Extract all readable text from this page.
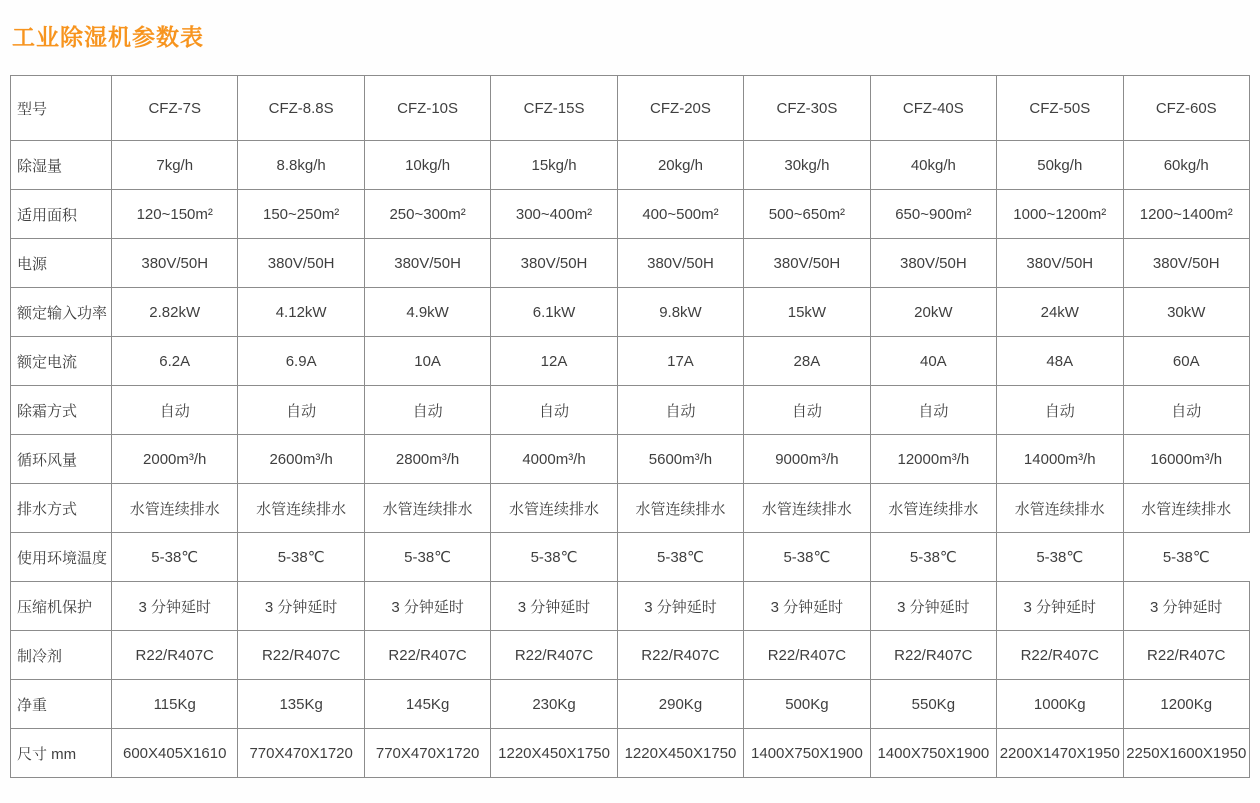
工业除湿机参数表
型号	CFZ-7S	CFZ-8.8S	CFZ-10S	CFZ-15S	CFZ-20S	CFZ-30S	CFZ-40S	CFZ-50S	CFZ-60S
除湿量	7kg/h	8.8kg/h	10kg/h	15kg/h	20kg/h	30kg/h	40kg/h	50kg/h	60kg/h
适用面积	120~150m²	150~250m²	250~300m²	300~400m²	400~500m²	500~650m²	650~900m²	1000~1200m²	1200~1400m²
电源	380V/50H	380V/50H	380V/50H	380V/50H	380V/50H	380V/50H	380V/50H	380V/50H	380V/50H
额定输入功率	2.82kW	4.12kW	4.9kW	6.1kW	9.8kW	15kW	20kW	24kW	30kW
额定电流	6.2A	6.9A	10A	12A	17A	28A	40A	48A	60A
除霜方式	自动	自动	自动	自动	自动	自动	自动	自动	自动
循环风量	2000m³/h	2600m³/h	2800m³/h	4000m³/h	5600m³/h	9000m³/h	12000m³/h	14000m³/h	16000m³/h
排水方式	水管连续排水	水管连续排水	水管连续排水	水管连续排水	水管连续排水	水管连续排水	水管连续排水	水管连续排水	水管连续排水
使用环境温度	5-38℃	5-38℃	5-38℃	5-38℃	5-38℃	5-38℃	5-38℃	5-38℃	5-38℃
压缩机保护	3 分钟延时	3 分钟延时	3 分钟延时	3 分钟延时	3 分钟延时	3 分钟延时	3 分钟延时	3 分钟延时	3 分钟延时
制冷剂	R22/R407C	R22/R407C	R22/R407C	R22/R407C	R22/R407C	R22/R407C	R22/R407C	R22/R407C	R22/R407C
净重	115Kg	135Kg	145Kg	230Kg	290Kg	500Kg	550Kg	1000Kg	1200Kg
尺寸 mm	600X405X1610	770X470X1720	770X470X1720	1220X450X1750	1220X450X1750	1400X750X1900	1400X750X1900	2200X1470X1950	2250X1600X1950
